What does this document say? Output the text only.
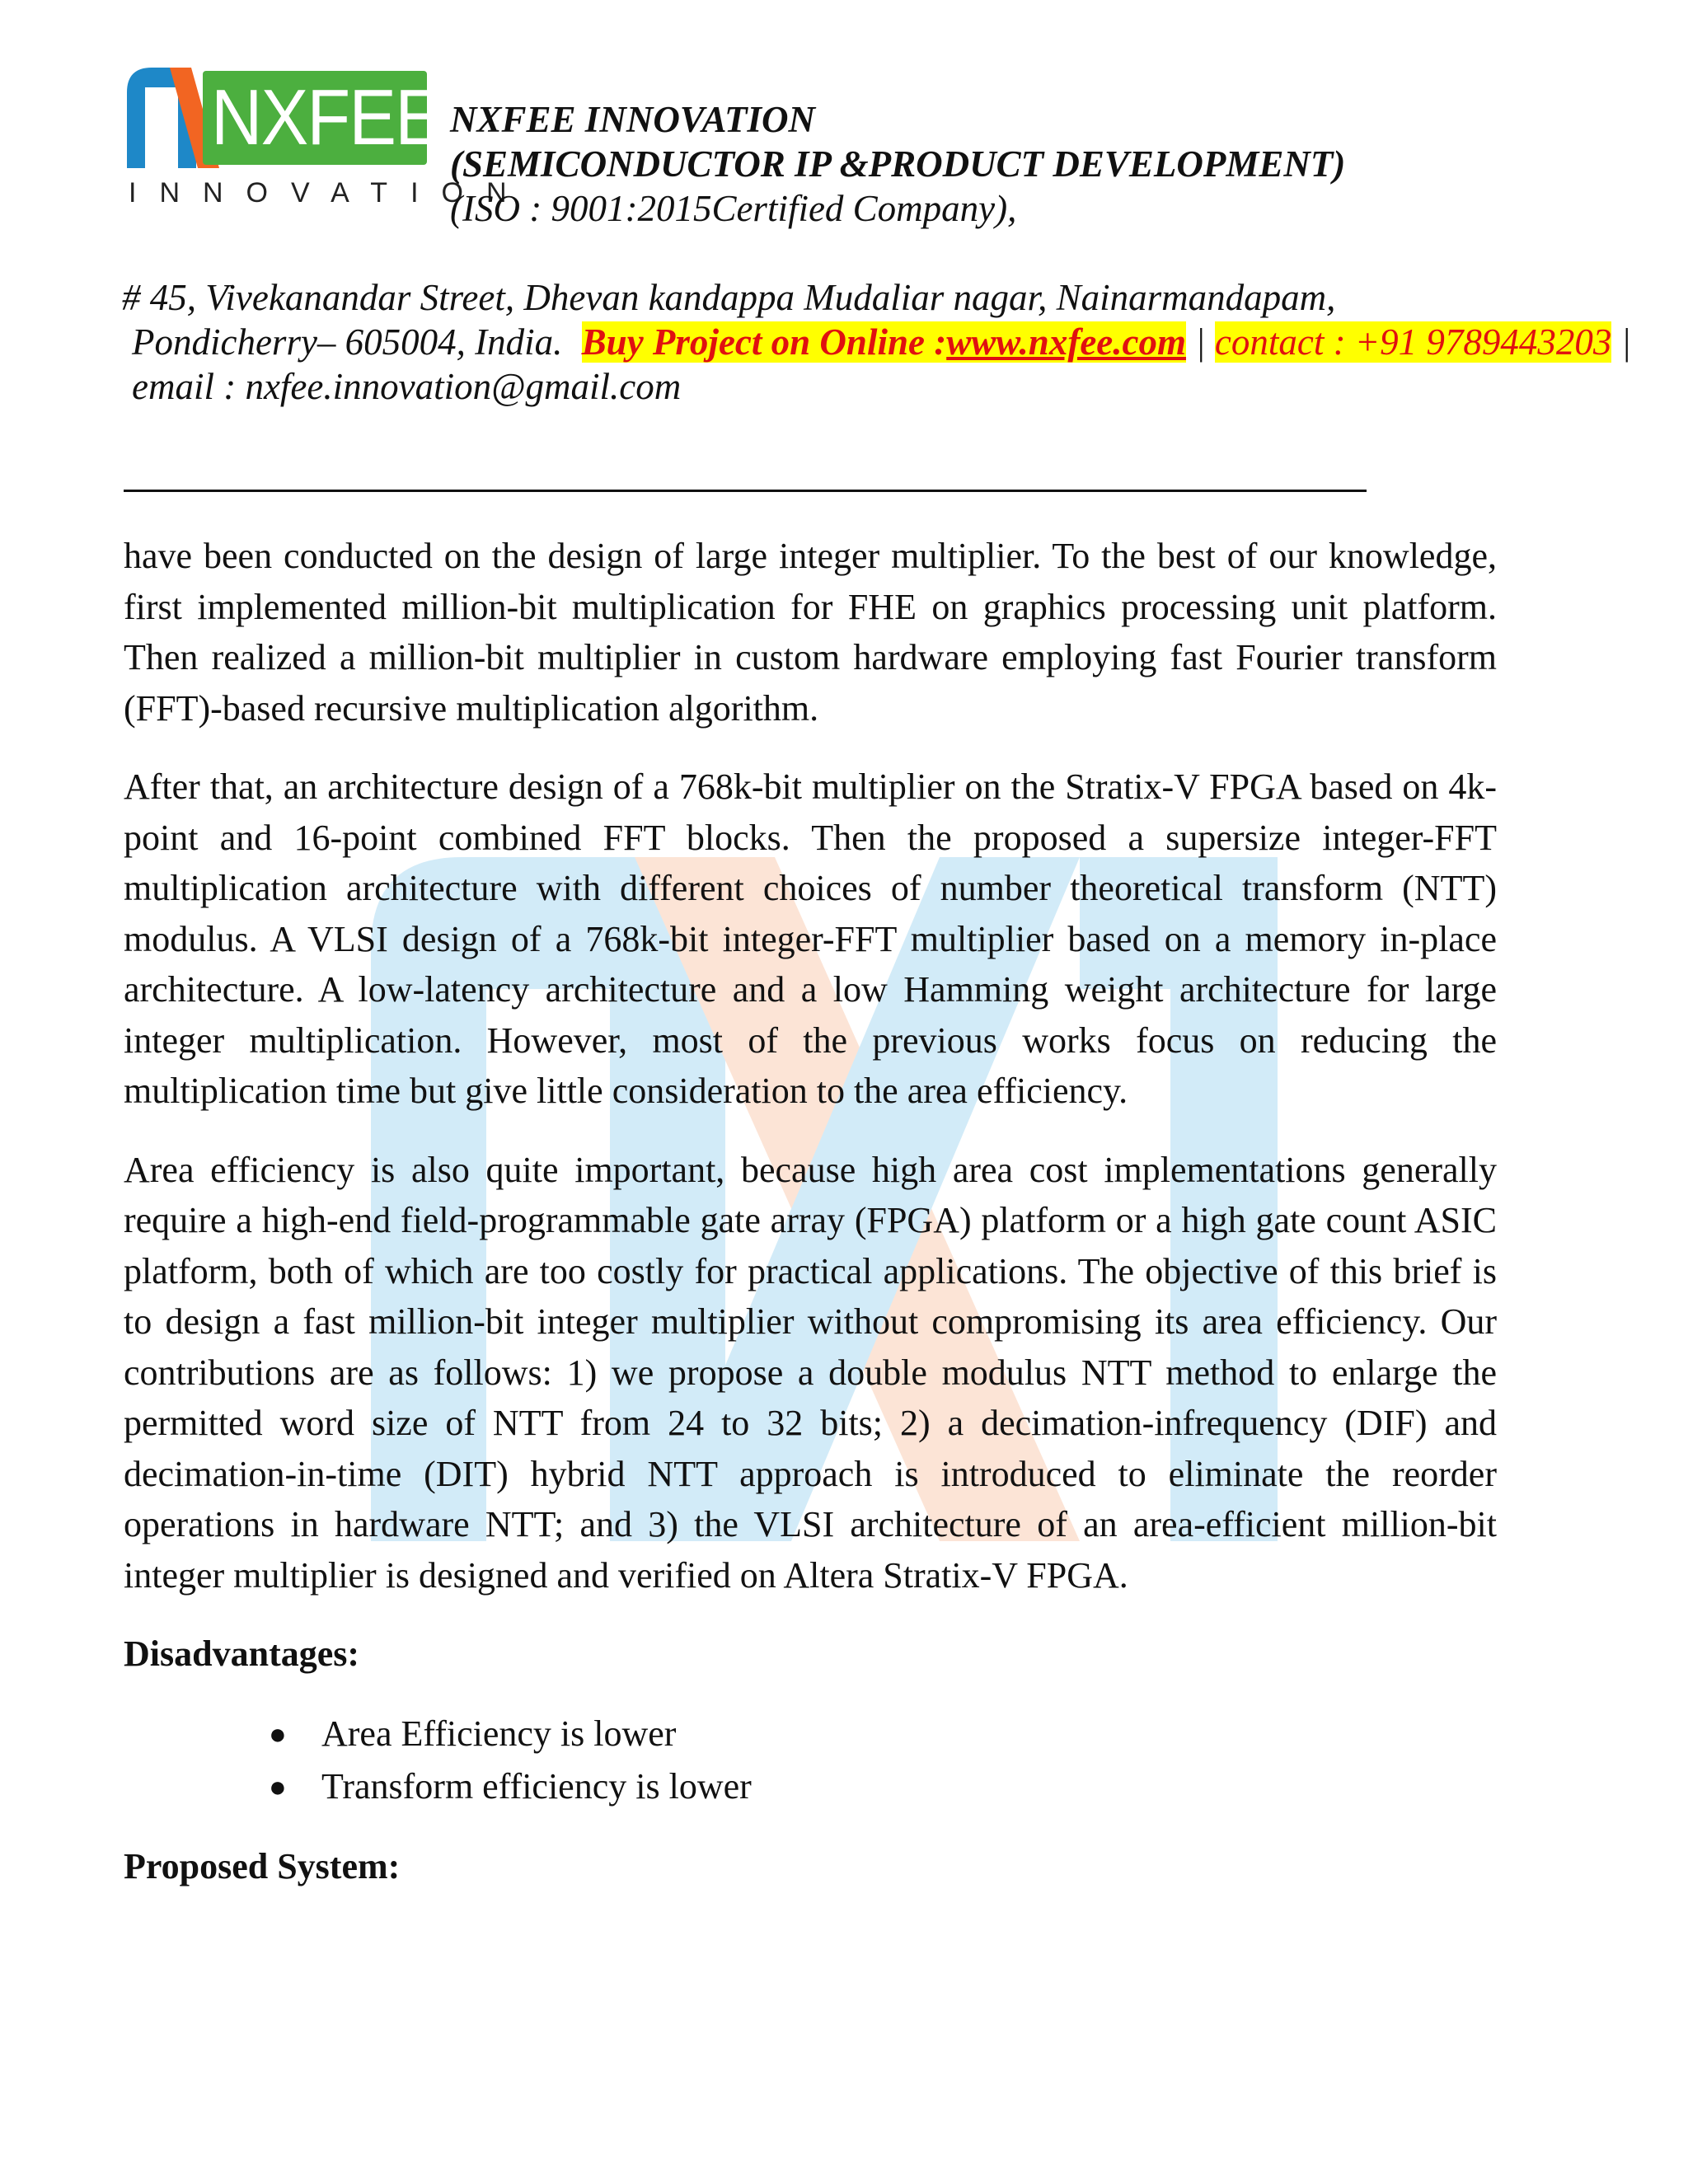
NXFEE
INNOVATION
NXFEE INNOVATION
(SEMICONDUCTOR IP &PRODUCT DEVELOPMENT)
(ISO : 9001:2015Certified Company),
# 45, Vivekanandar Street, Dhevan kandappa Mudaliar nagar, Nainarmandapam,
Pondicherry– 605004, India. Buy Project on Online :www.nxfee.com | contact : +91 9789443203 |
email : nxfee.innovation@gmail.com

have been conducted on the design of large integer multiplier. To the best of our knowledge, first implemented million-bit multiplication for FHE on graphics processing unit platform. Then realized a million-bit multiplier in custom hardware employing fast Fourier transform (FFT)-based recursive multiplication algorithm.

After that, an architecture design of a 768k-bit multiplier on the Stratix-V FPGA based on 4k-point and 16-point combined FFT blocks. Then the proposed a supersize integer-FFT multiplication architecture with different choices of number theoretical transform (NTT) modulus. A VLSI design of a 768k-bit integer-FFT multiplier based on a memory in-place architecture. A low-latency architecture and a low Hamming weight architecture for large integer multiplication. However, most of the previous works focus on reducing the multiplication time but give little consideration to the area efficiency.

Area efficiency is also quite important, because high area cost implementations generally require a high-end field-programmable gate array (FPGA) platform or a high gate count ASIC platform, both of which are too costly for practical applications. The objective of this brief is to design a fast million-bit integer multiplier without compromising its area efficiency. Our contributions are as follows: 1) we propose a double modulus NTT method to enlarge the permitted word size of NTT from 24 to 32 bits; 2) a decimation-infrequency (DIF) and decimation-in-time (DIT) hybrid NTT approach is introduced to eliminate the reorder operations in hardware NTT; and 3) the VLSI architecture of an area-efficient million-bit integer multiplier is designed and verified on Altera Stratix-V FPGA.

Disadvantages:
● Area Efficiency is lower
● Transform efficiency is lower
Proposed System:
